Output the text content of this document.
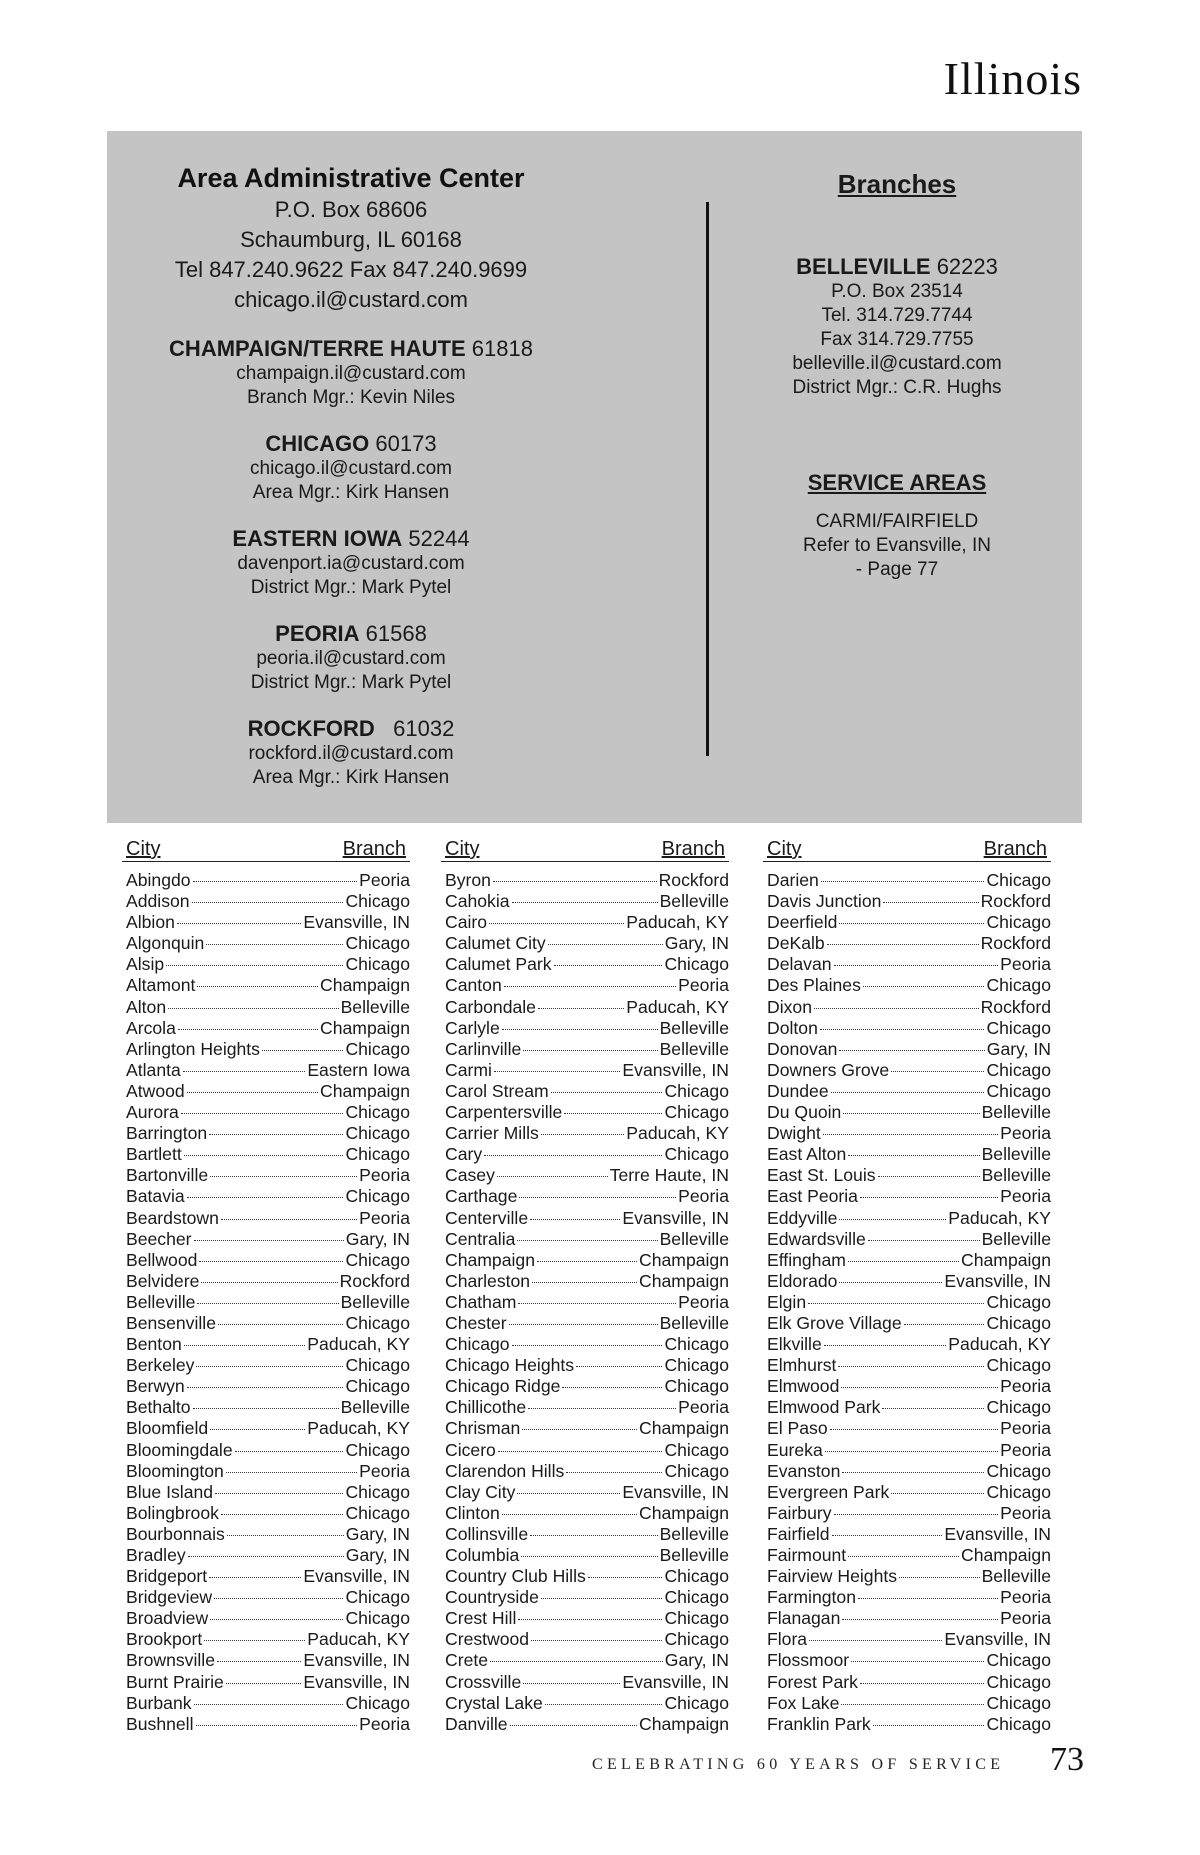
Illinois
Area Administrative Center
P.O. Box 68606
Schaumburg, IL 60168
Tel 847.240.9622 Fax 847.240.9699
chicago.il@custard.com
CHAMPAIGN/TERRE HAUTE 61818
champaign.il@custard.com
Branch Mgr.: Kevin Niles
CHICAGO 60173
chicago.il@custard.com
Area Mgr.: Kirk Hansen
EASTERN IOWA 52244
davenport.ia@custard.com
District Mgr.: Mark Pytel
PEORIA 61568
peoria.il@custard.com
District Mgr.: Mark Pytel
ROCKFORD 61032
rockford.il@custard.com
Area Mgr.: Kirk Hansen
Branches
BELLEVILLE 62223
P.O. Box 23514
Tel. 314.729.7744
Fax 314.729.7755
belleville.il@custard.com
District Mgr.: C.R. Hughs
SERVICE AREAS
CARMI/FAIRFIELD
Refer to Evansville, IN
- Page 77
City	Branch
Abingdo	Peoria
Addison	Chicago
Albion	Evansville, IN
Algonquin	Chicago
Alsip	Chicago
Altamont	Champaign
Alton	Belleville
Arcola	Champaign
Arlington Heights	Chicago
Atlanta	Eastern Iowa
Atwood	Champaign
Aurora	Chicago
Barrington	Chicago
Bartlett	Chicago
Bartonville	Peoria
Batavia	Chicago
Beardstown	Peoria
Beecher	Gary, IN
Bellwood	Chicago
Belvidere	Rockford
Belleville	Belleville
Bensenville	Chicago
Benton	Paducah, KY
Berkeley	Chicago
Berwyn	Chicago
Bethalto	Belleville
Bloomfield	Paducah, KY
Bloomingdale	Chicago
Bloomington	Peoria
Blue Island	Chicago
Bolingbrook	Chicago
Bourbonnais	Gary, IN
Bradley	Gary, IN
Bridgeport	Evansville, IN
Bridgeview	Chicago
Broadview	Chicago
Brookport	Paducah, KY
Brownsville	Evansville, IN
Burnt Prairie	Evansville, IN
Burbank	Chicago
Bushnell	Peoria
City	Branch
Byron	Rockford
Cahokia	Belleville
Cairo	Paducah, KY
Calumet City	Gary, IN
Calumet Park	Chicago
Canton	Peoria
Carbondale	Paducah, KY
Carlyle	Belleville
Carlinville	Belleville
Carmi	Evansville, IN
Carol Stream	Chicago
Carpentersville	Chicago
Carrier Mills	Paducah, KY
Cary	Chicago
Casey	Terre Haute, IN
Carthage	Peoria
Centerville	Evansville, IN
Centralia	Belleville
Champaign	Champaign
Charleston	Champaign
Chatham	Peoria
Chester	Belleville
Chicago	Chicago
Chicago Heights	Chicago
Chicago Ridge	Chicago
Chillicothe	Peoria
Chrisman	Champaign
Cicero	Chicago
Clarendon Hills	Chicago
Clay City	Evansville, IN
Clinton	Champaign
Collinsville	Belleville
Columbia	Belleville
Country Club Hills	Chicago
Countryside	Chicago
Crest Hill	Chicago
Crestwood	Chicago
Crete	Gary, IN
Crossville	Evansville, IN
Crystal Lake	Chicago
Danville	Champaign
City	Branch
Darien	Chicago
Davis Junction	Rockford
Deerfield	Chicago
DeKalb	Rockford
Delavan	Peoria
Des Plaines	Chicago
Dixon	Rockford
Dolton	Chicago
Donovan	Gary, IN
Downers Grove	Chicago
Dundee	Chicago
Du Quoin	Belleville
Dwight	Peoria
East Alton	Belleville
East St. Louis	Belleville
East Peoria	Peoria
Eddyville	Paducah, KY
Edwardsville	Belleville
Effingham	Champaign
Eldorado	Evansville, IN
Elgin	Chicago
Elk Grove Village	Chicago
Elkville	Paducah, KY
Elmhurst	Chicago
Elmwood	Peoria
Elmwood Park	Chicago
El Paso	Peoria
Eureka	Peoria
Evanston	Chicago
Evergreen Park	Chicago
Fairbury	Peoria
Fairfield	Evansville, IN
Fairmount	Champaign
Fairview Heights	Belleville
Farmington	Peoria
Flanagan	Peoria
Flora	Evansville, IN
Flossmoor	Chicago
Forest Park	Chicago
Fox Lake	Chicago
Franklin Park	Chicago
CELEBRATING 60 YEARS OF SERVICE 73
